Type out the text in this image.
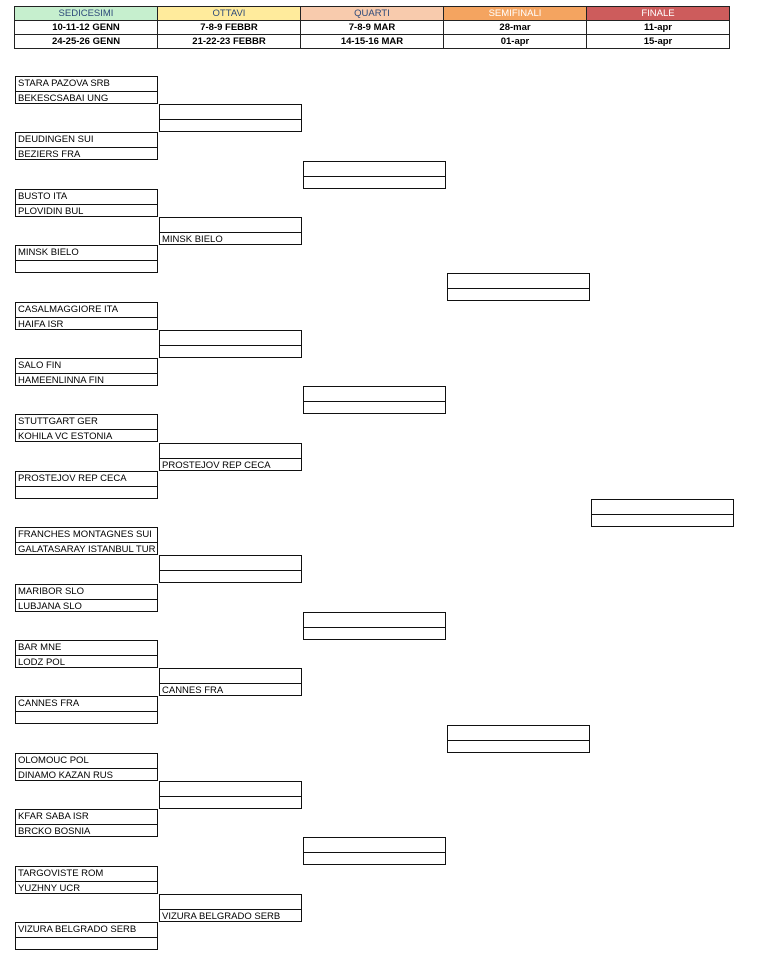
SEDICESIMI	OTTAVI	QUARTI	SEMIFINALI	FINALE
10-11-12 GENN	7-8-9 FEBBR	7-8-9 MAR	28-mar	11-apr
24-25-26 GENN	21-22-23 FEBBR	14-15-16 MAR	01-apr	15-apr
STARA PAZOVA SRB
BEKESCSABAI UNG
DEUDINGEN SUI
BEZIERS FRA
BUSTO ITA
PLOVIDIN BUL
MINSK BIELO
CASALMAGGIORE ITA
HAIFA ISR
SALO FIN
HAMEENLINNA FIN
STUTTGART GER
KOHILA VC ESTONIA
PROSTEJOV REP CECA
FRANCHES MONTAGNES SUI
GALATASARAY ISTANBUL TUR
MARIBOR SLO
LUBJANA SLO
BAR MNE
LODZ POL
CANNES FRA
OLOMOUC POL
DINAMO KAZAN RUS
KFAR SABA ISR
BRCKO BOSNIA
TARGOVISTE ROM
YUZHNY UCR
VIZURA BELGRADO SERB
MINSK BIELO
PROSTEJOV REP CECA
CANNES FRA
VIZURA BELGRADO SERB
